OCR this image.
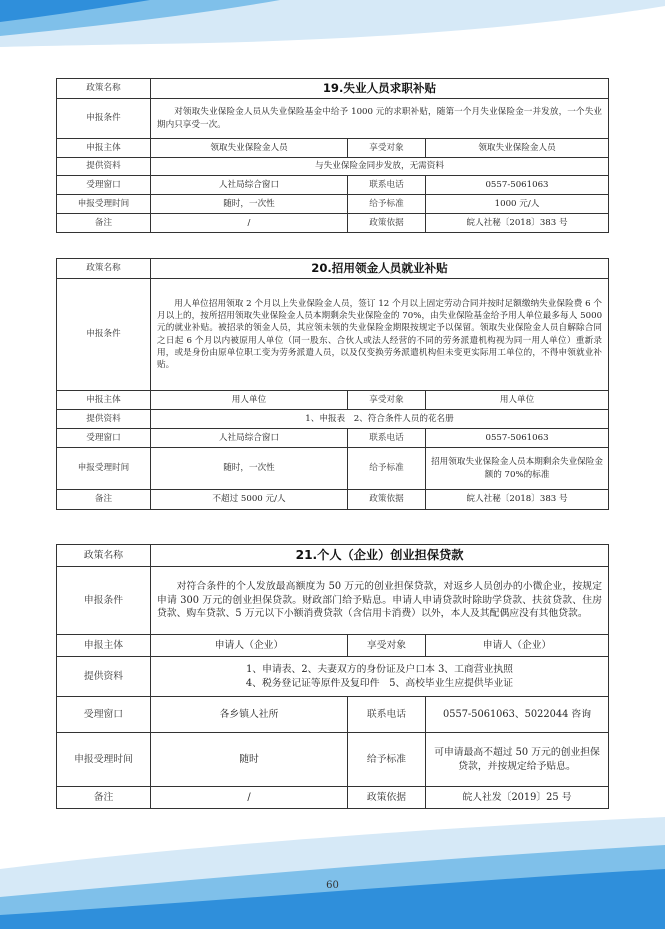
政策名称	19.失业人员求职补贴		
申报条件	对领取失业保险金人员从失业保险基金中给予 1000 元的求职补贴，随第一个月失业保险金一并发放，一个失业期内只享受一次。		
申报主体	领取失业保险金人员	享受对象	领取失业保险金人员
提供资料	与失业保险金同步发放，无需资料		
受理窗口	人社局综合窗口	联系电话	0557-5061063
申报受理时间	随时，一次性	给予标准	1000 元/人
备注	/	政策依据	皖人社秘〔2018〕383 号
政策名称	20.招用领金人员就业补贴		
申报条件	用人单位招用领取 2 个月以上失业保险金人员，签订 12 个月以上固定劳动合同并按时足额缴纳失业保险费 6 个月以上的，按所招用领取失业保险金人员本期剩余失业保险金的 70%，由失业保险基金给予用人单位最多每人 5000 元的就业补贴。被招录的领金人员，其应领未领的失业保险金期限按规定予以保留。领取失业保险金人员自解除合同之日起 6 个月以内被原用人单位（同一股东、合伙人或法人经营的不同的劳务派遣机构视为同一用人单位）重新录用，或是身份由原单位职工变为劳务派遣人员，以及仅变换劳务派遣机构但未变更实际用工单位的，不得申领就业补贴。		
申报主体	用人单位	享受对象	用人单位
提供资料	1、申报表　2、符合条件人员的花名册		
受理窗口	人社局综合窗口	联系电话	0557-5061063
申报受理时间	随时，一次性	给予标准	招用领取失业保险金人员本期剩余失业保险金额的 70%的标准
备注	不超过 5000 元/人	政策依据	皖人社秘〔2018〕383 号
政策名称	21.个人（企业）创业担保贷款		
申报条件	对符合条件的个人发放最高额度为 50 万元的创业担保贷款，对返乡人员创办的小微企业，按规定申请 300 万元的创业担保贷款。财政部门给予贴息。申请人申请贷款时除助学贷款、扶贫贷款、住房贷款、购车贷款、5 万元以下小额消费贷款（含信用卡消费）以外，本人及其配偶应没有其他贷款。		
申报主体	申请人（企业）	享受对象	申请人（企业）
提供资料	1、申请表、2、夫妻双方的身份证及户口本 3、工商营业执照
4、税务登记证等原件及复印件　5、高校毕业生应提供毕业证		

受理窗口	各乡镇人社所	联系电话	0557-5061063、5022044 咨询
申报受理时间	随时	给予标准	可申请最高不超过 50 万元的创业担保贷款，并按规定给予贴息。
备注	/	政策依据	皖人社发〔2019〕25 号
60
